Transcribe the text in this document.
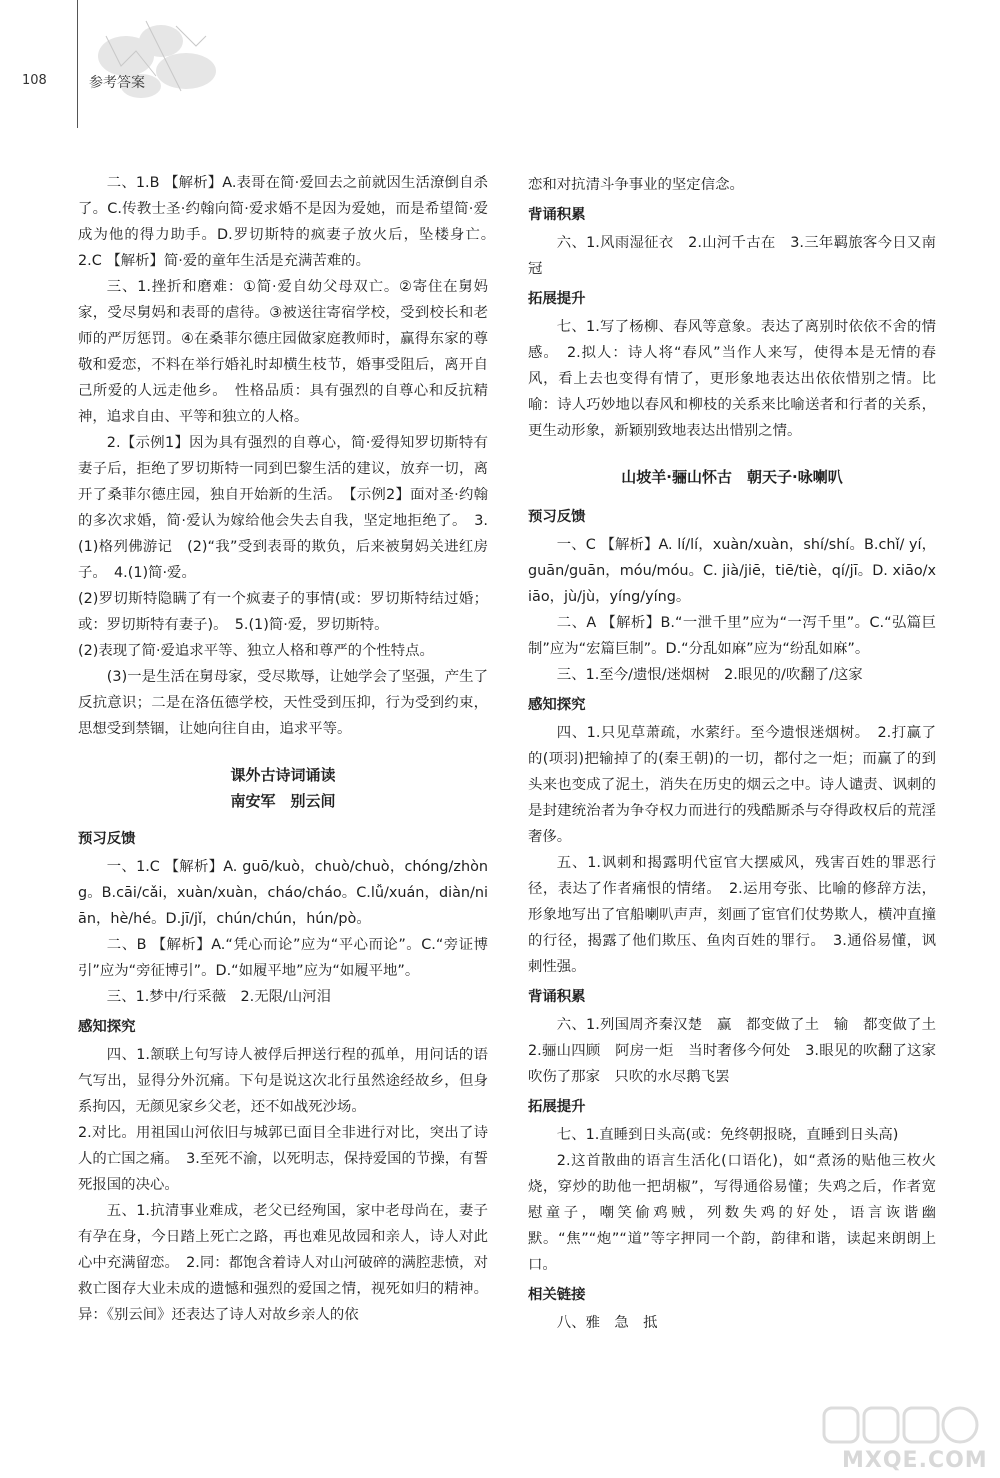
108	参考答案

二、1.B 【解析】A.表哥在简·爱回去之前就因生活潦倒自杀了。C.传教士圣·约翰向简·爱求婚不是因为爱她，而是希望简·爱成为他的得力助手。D.罗切斯特的疯妻子放火后，坠楼身亡。　2.C 【解析】简·爱的童年生活是充满苦难的。

三、1.挫折和磨难：①简·爱自幼父母双亡。②寄住在舅妈家，受尽舅妈和表哥的虐待。③被送往寄宿学校，受到校长和老师的严厉惩罚。④在桑菲尔德庄园做家庭教师时，赢得东家的尊敬和爱恋，不料在举行婚礼时却横生枝节，婚事受阻后，离开自己所爱的人远走他乡。　性格品质：具有强烈的自尊心和反抗精神，追求自由、平等和独立的人格。

2.【示例1】因为具有强烈的自尊心，简·爱得知罗切斯特有妻子后，拒绝了罗切斯特一同到巴黎生活的建议，放弃一切，离开了桑菲尔德庄园，独自开始新的生活。　【示例2】面对圣·约翰的多次求婚，简·爱认为嫁给他会失去自我，坚定地拒绝了。　3.(1)格列佛游记　(2)“我”受到表哥的欺负，后来被舅妈关进红房子。　4.(1)简·爱。

(2)罗切斯特隐瞒了有一个疯妻子的事情(或：罗切斯特结过婚；或：罗切斯特有妻子)。　5.(1)简·爱，罗切斯特。

(2)表现了简·爱追求平等、独立人格和尊严的个性特点。

(3)一是生活在舅母家，受尽欺辱，让她学会了坚强，产生了反抗意识；二是在洛伍德学校，天性受到压抑，行为受到约束，思想受到禁锢，让她向往自由，追求平等。

课外古诗词诵读
南安军　别云间
预习反馈

一、1.C 【解析】A. guō/kuò，chuò/chuò，chóng/zhòng。B.cāi/cǎi，xuàn/xuàn，cháo/cháo。C.lǚ/xuán，diàn/niān，hè/hé。D.jī/jǐ，chún/chún，hún/pò。

二、B 【解析】A.“凭心而论”应为“平心而论”。C.“旁证博引”应为“旁征博引”。D.“如履平地”应为“如履平地”。

三、1.梦中/行采薇　2.无限/山河泪

感知探究

四、1.颔联上句写诗人被俘后押送行程的孤单，用问话的语气写出，显得分外沉痛。下句是说这次北行虽然途经故乡，但身系拘囚，无颜见家乡父老，还不如战死沙场。

2.对比。用祖国山河依旧与城郭已面目全非进行对比，突出了诗人的亡国之痛。　3.至死不渝，以死明志，保持爱国的节操，有誓死报国的决心。

五、1.抗清事业难成，老父已经殉国，家中老母尚在，妻子有孕在身，今日踏上死亡之路，再也难见故园和亲人，诗人对此心中充满留恋。　2.同：都饱含着诗人对山河破碎的满腔悲愤，对救亡图存大业未成的遗憾和强烈的爱国之情，视死如归的精神。异：《别云间》还表达了诗人对故乡亲人的依

恋和对抗清斗争事业的坚定信念。

背诵积累

六、1.风雨湿征衣　2.山河千古在　3.三年羁旅客今日又南冠

拓展提升

七、1.写了杨柳、春风等意象。表达了离别时依依不舍的情感。　2.拟人：诗人将“春风”当作人来写，使得本是无情的春风，看上去也变得有情了，更形象地表达出依依惜别之情。比喻：诗人巧妙地以春风和柳枝的关系来比喻送者和行者的关系，更生动形象，新颖别致地表达出惜别之情。

山坡羊·骊山怀古　朝天子·咏喇叭
预习反馈

一、C 【解析】A. lí/lí，xuàn/xuàn，shí/shí。B.chǐ/ yí，guān/guān，móu/móu。C. jià/jiē，tiē/tiè，qí/jī。D. xiāo/xiāo，jù/jù，yíng/yíng。

二、A 【解析】B.“一泄千里”应为“一泻千里”。C.“弘篇巨制”应为“宏篇巨制”。D.“分乱如麻”应为“纷乱如麻”。

三、1.至今/遗恨/迷烟树　2.眼见的/吹翻了/这家

感知探究

四、1.只见草萧疏，水萦纡。至今遗恨迷烟树。　2.打赢了的(项羽)把输掉了的(秦王朝)的一切，都付之一炬；而赢了的到头来也变成了泥土，消失在历史的烟云之中。诗人谴责、讽刺的是封建统治者为争夺权力而进行的残酷厮杀与夺得政权后的荒淫奢侈。

五、1.讽刺和揭露明代宦官大摆威风，残害百姓的罪恶行径，表达了作者痛恨的情绪。　2.运用夸张、比喻的修辞方法，形象地写出了官船喇叭声声，刻画了宦官们仗势欺人，横冲直撞的行径，揭露了他们欺压、鱼肉百姓的罪行。　3.通俗易懂，讽刺性强。

背诵积累

六、1.列国周齐秦汉楚　赢　都变做了土　输　都变做了土　2.骊山四顾　阿房一炬　当时奢侈今何处　3.眼见的吹翻了这家　吹伤了那家　只吹的水尽鹅飞罢

拓展提升

七、1.直睡到日头高(或：免终朝报晓，直睡到日头高)

2.这首散曲的语言生活化(口语化)，如“煮汤的贴他三枚火烧，穿炒的助他一把胡椒”，写得通俗易懂；失鸡之后，作者宽慰童子，嘲笑偷鸡贼，列数失鸡的好处，语言诙谐幽默。“焦”“炮”“道”等字押同一个韵，韵律和谐，读起来朗朗上口。

相关链接

八、雅　急　抵

MXQE.COM
